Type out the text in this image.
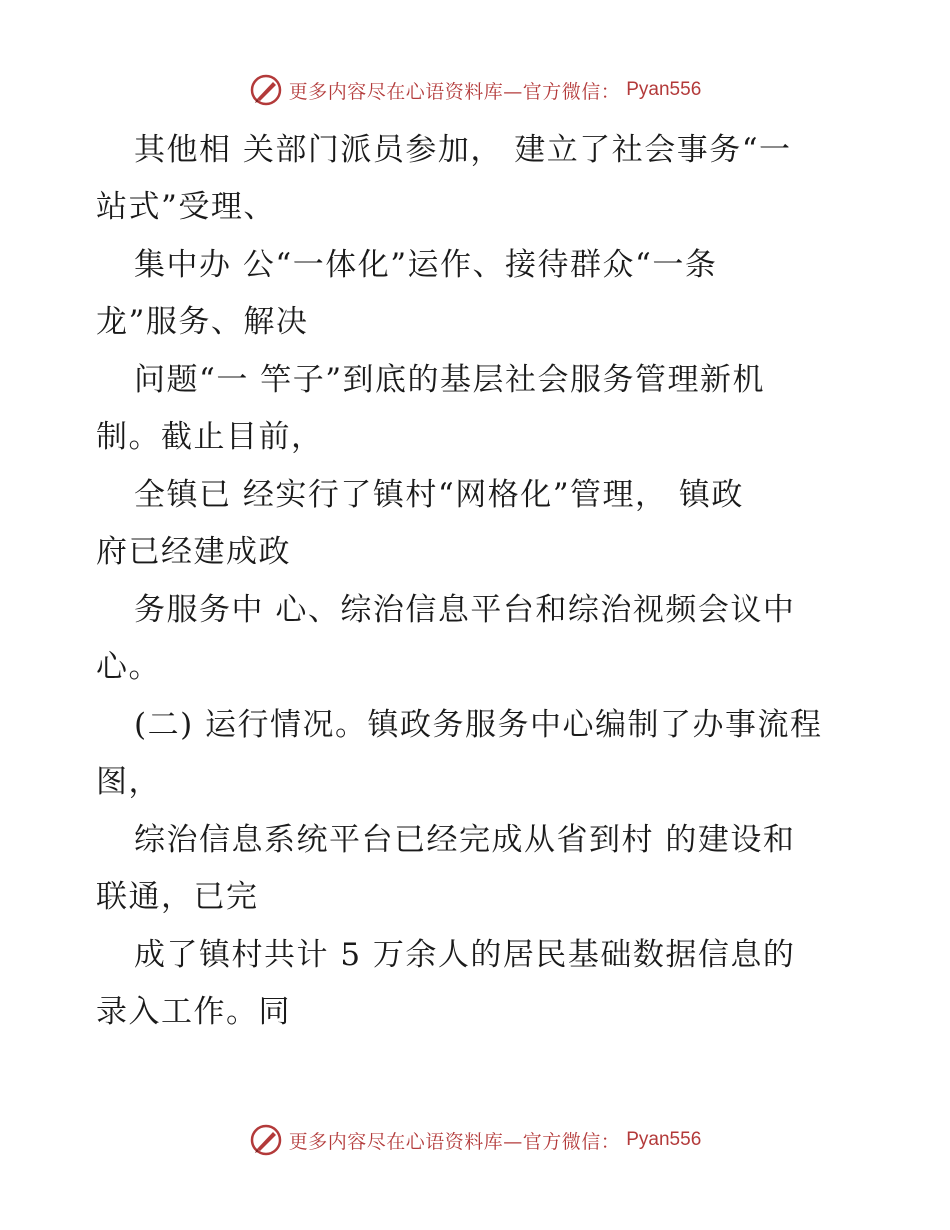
更多内容尽在心语资料库—官方微信： Pyan556
其他相 关部门派员参加， 建立了社会事务“一
站式”受理、
集中办 公“一体化”运作、接待群众“一条
龙”服务、解决
问题“一 竿子”到底的基层社会服务管理新机
制。截止目前，
全镇已 经实行了镇村“网格化”管理， 镇政
府已经建成政
务服务中 心、综治信息平台和综治视频会议中
心。
(二) 运行情况。镇政务服务中心编制了办事流程
图，
综治信息系统平台已经完成从省到村 的建设和
联通，已完
成了镇村共计 5 万余人的居民基础数据信息的
录入工作。同
更多内容尽在心语资料库—官方微信： Pyan556
